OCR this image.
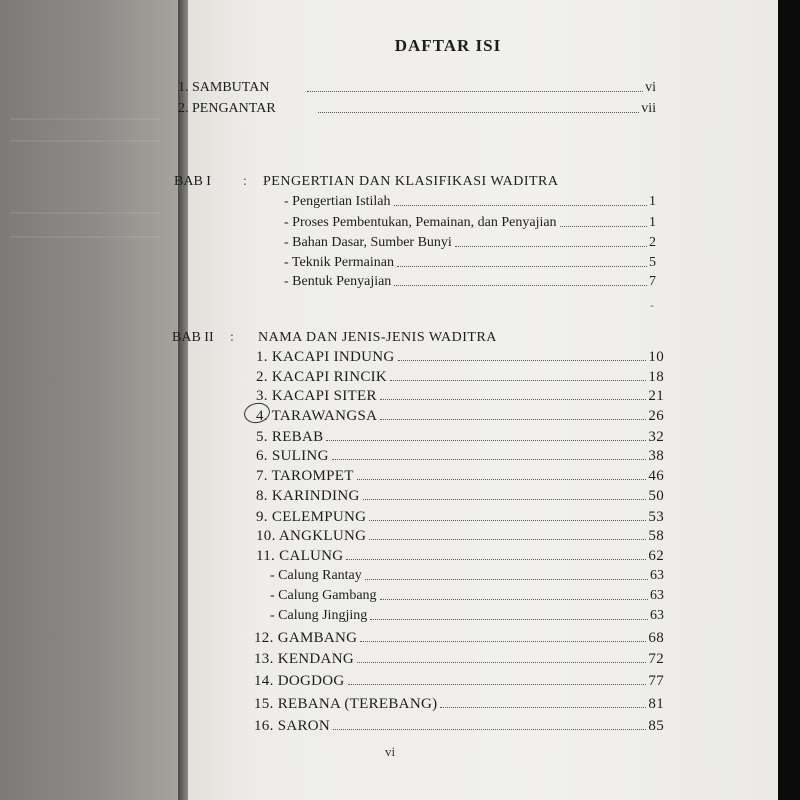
DAFTAR ISI
1. SAMBUTAN	vi
2. PENGANTAR	vii
BAB I : PENGERTIAN DAN KLASIFIKASI WADITRA
- Pengertian Istilah	1
- Proses Pembentukan, Pemainan, dan Penyajian	1
- Bahan Dasar, Sumber Bunyi	2
- Teknik Permainan	5
- Bentuk Penyajian	7
-
BAB II : NAMA DAN JENIS-JENIS WADITRA
1. KACAPI INDUNG	10
2. KACAPI RINCIK	18
3. KACAPI SITER	21
4. TARAWANGSA	26
5. REBAB	32
6. SULING	38
7. TAROMPET	46
8. KARINDING	50
9. CELEMPUNG	53
10. ANGKLUNG	58
11. CALUNG	62
- Calung Rantay	63
- Calung Gambang	63
- Calung Jingjing	63
12. GAMBANG	68
13. KENDANG	72
14. DOGDOG	77
15. REBANA (TEREBANG)	81
16. SARON	85
vi
